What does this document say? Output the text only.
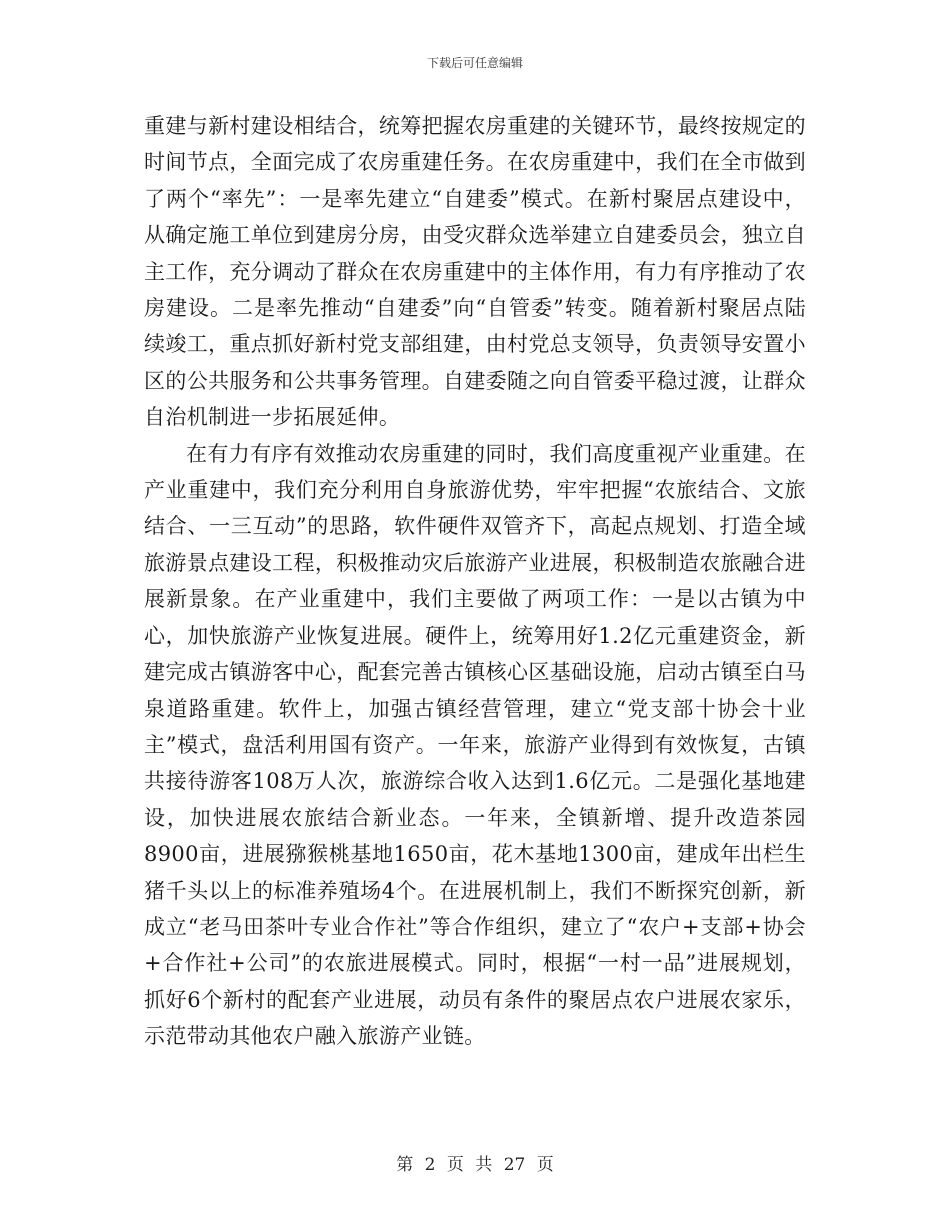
下载后可任意编辑

重建与新村建设相结合，统筹把握农房重建的关键环节，最终按规定的时间节点，全面完成了农房重建任务。在农房重建中，我们在全市做到了两个“率先”：一是率先建立“自建委”模式。在新村聚居点建设中，从确定施工单位到建房分房，由受灾群众选举建立自建委员会，独立自主工作，充分调动了群众在农房重建中的主体作用，有力有序推动了农房建设。二是率先推动“自建委”向“自管委”转变。随着新村聚居点陆续竣工，重点抓好新村党支部组建，由村党总支领导，负责领导安置小区的公共服务和公共事务管理。自建委随之向自管委平稳过渡，让群众自治机制进一步拓展延伸。

在有力有序有效推动农房重建的同时，我们高度重视产业重建。在产业重建中，我们充分利用自身旅游优势，牢牢把握“农旅结合、文旅结合、一三互动”的思路，软件硬件双管齐下，高起点规划、打造全域旅游景点建设工程，积极推动灾后旅游产业进展，积极制造农旅融合进展新景象。在产业重建中，我们主要做了两项工作：一是以古镇为中心，加快旅游产业恢复进展。硬件上，统筹用好1.2亿元重建资金，新建完成古镇游客中心，配套完善古镇核心区基础设施，启动古镇至白马泉道路重建。软件上，加强古镇经营管理，建立“党支部十协会十业主”模式，盘活利用国有资产。一年来，旅游产业得到有效恢复，古镇共接待游客108万人次，旅游综合收入达到1.6亿元。二是强化基地建设，加快进展农旅结合新业态。一年来，全镇新增、提升改造茶园8900亩，进展猕猴桃基地1650亩，花木基地1300亩，建成年出栏生猪千头以上的标准养殖场4个。在进展机制上，我们不断探究创新，新成立“老马田茶叶专业合作社”等合作组织，建立了“农户+支部+协会+合作社+公司”的农旅进展模式。同时，根据“一村一品”进展规划，抓好6个新村的配套产业进展，动员有条件的聚居点农户进展农家乐，示范带动其他农户融入旅游产业链。

第 2 页 共 27 页
